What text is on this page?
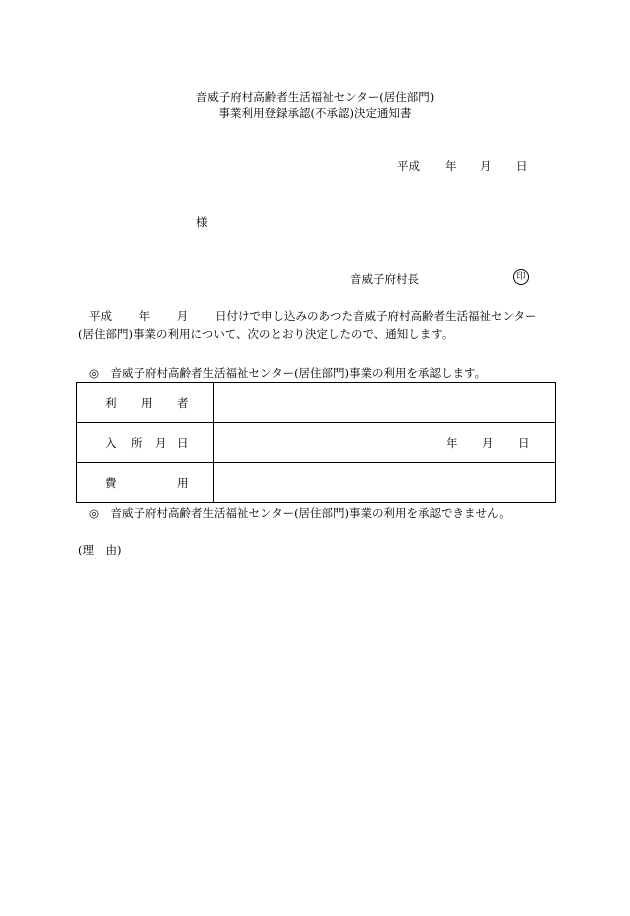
音威子府村高齢者生活福祉センター(居住部門)
事業利用登録承認(不承認)決定通知書
平成 年 月 日
様
音威子府村長	印
平成 　　年 　　月 　　日付けで申し込みのあつた音威子府村高齢者生活福祉センター
(居住部門)事業の利用について、次のとおり決定したので、通知します。
◎　音威子府村高齢者生活福祉センター(居住部門)事業の利用を承認します。
利 用 者	

入 所 月 日	年 月 日

費 用	

◎　音威子府村高齢者生活福祉センター(居住部門)事業の利用を承認できません。
(理　由)
